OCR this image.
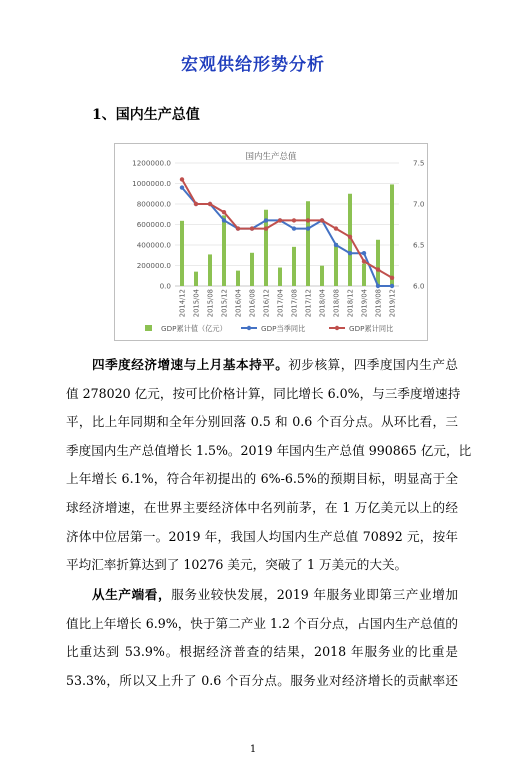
宏观供给形势分析
1、国内生产总值
国内生产总值
0.0
200000.0
400000.0
600000.0
800000.0
1000000.0
1200000.0
6.0
6.5
7.0
7.5
2014/12 2015/04 2015/08 2015/12 2016/04 2016/08 2016/12 2017/04 2017/08 2017/12 2018/04 2018/08 2018/12 2019/04 2019/08 2019/12
GDP累计值（亿元）	GDP当季同比	GDP累计同比
四季度经济增速与上月基本持平。初步核算，四季度国内生产总
值 278020 亿元，按可比价格计算，同比增长 6.0%，与三季度增速持
平，比上年同期和全年分别回落 0.5 和 0.6 个百分点。从环比看，三
季度国内生产总值增长 1.5%。2019 年国内生产总值 990865 亿元，比
上年增长 6.1%，符合年初提出的 6%-6.5%的预期目标，明显高于全
球经济增速，在世界主要经济体中名列前茅，在 1 万亿美元以上的经
济体中位居第一。2019 年，我国人均国内生产总值 70892 元，按年
平均汇率折算达到了 10276 美元，突破了 1 万美元的大关。
从生产端看，服务业较快发展，2019 年服务业即第三产业增加
值比上年增长 6.9%，快于第二产业 1.2 个百分点，占国内生产总值的
比重达到 53.9%。根据经济普查的结果，2018 年服务业的比重是
53.3%，所以又上升了 0.6 个百分点。服务业对经济增长的贡献率还
1
